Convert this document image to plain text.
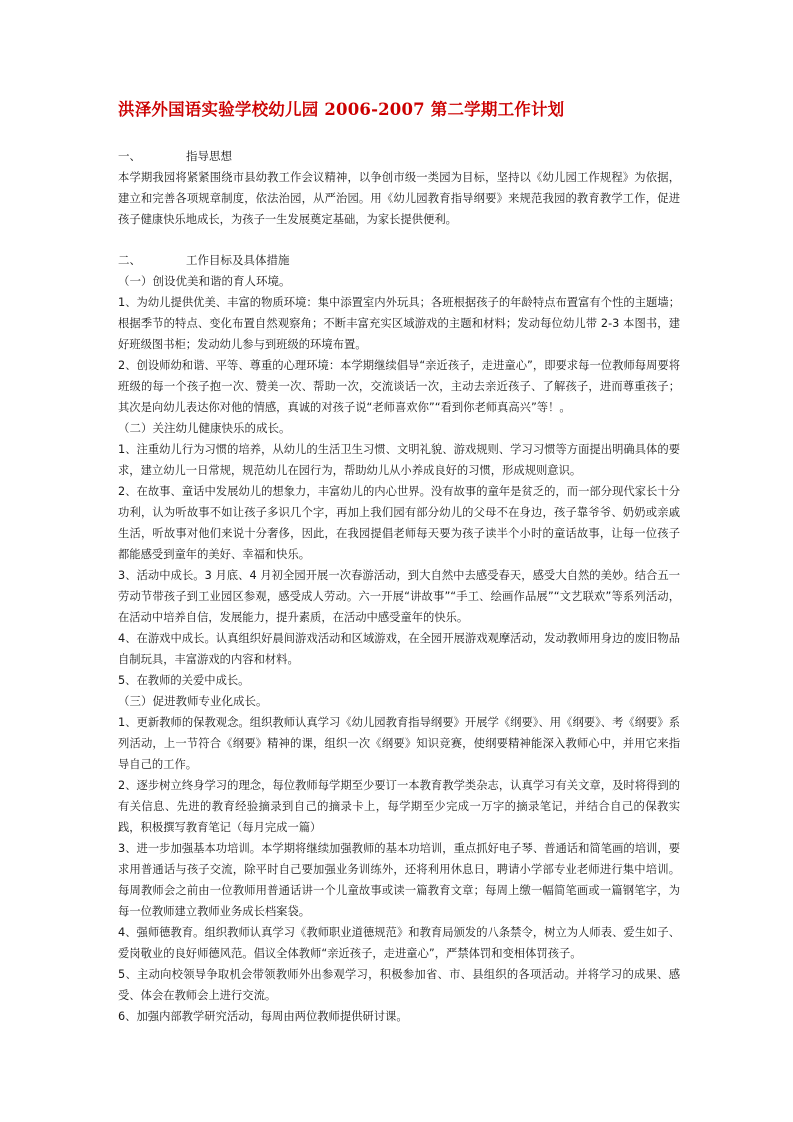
洪泽外国语实验学校幼儿园 2006-2007 第二学期工作计划
一、	指导思想

本学期我园将紧紧围绕市县幼教工作会议精神，以争创市级一类园为目标，坚持以《幼儿园工作规程》为依据，建立和完善各项规章制度，依法治园，从严治园。用《幼儿园教育指导纲要》来规范我园的教育教学工作，促进孩子健康快乐地成长，为孩子一生发展奠定基础，为家长提供便利。

二、	工作目标及具体措施
（一）创设优美和谐的育人环境。

1、为幼儿提供优美、丰富的物质环境：集中添置室内外玩具；各班根据孩子的年龄特点布置富有个性的主题墙；根据季节的特点、变化布置自然观察角；不断丰富充实区域游戏的主题和材料；发动每位幼儿带 2-3 本图书，建好班级图书柜；发动幼儿参与到班级的环境布置。

2、创设师幼和谐、平等、尊重的心理环境：本学期继续倡导“亲近孩子，走进童心”，即要求每一位教师每周要将班级的每一个孩子抱一次、赞美一次、帮助一次，交流谈话一次，主动去亲近孩子、了解孩子，进而尊重孩子；其次是向幼儿表达你对他的情感，真诚的对孩子说“老师喜欢你”“看到你老师真高兴”等！。

（二）关注幼儿健康快乐的成长。

1、注重幼儿行为习惯的培养，从幼儿的生活卫生习惯、文明礼貌、游戏规则、学习习惯等方面提出明确具体的要求，建立幼儿一日常规，规范幼儿在园行为，帮助幼儿从小养成良好的习惯，形成规则意识。

2、在故事、童话中发展幼儿的想象力，丰富幼儿的内心世界。没有故事的童年是贫乏的，而一部分现代家长十分功利，认为听故事不如让孩子多识几个字，再加上我们园有部分幼儿的父母不在身边，孩子靠爷爷、奶奶或亲戚生活，听故事对他们来说十分奢侈，因此，在我园提倡老师每天要为孩子读半个小时的童话故事，让每一位孩子都能感受到童年的美好、幸福和快乐。

3、活动中成长。3 月底、4 月初全园开展一次春游活动，到大自然中去感受春天，感受大自然的美妙。结合五一劳动节带孩子到工业园区参观，感受成人劳动。六一开展“讲故事”“手工、绘画作品展”“文艺联欢”等系列活动，在活动中培养自信，发展能力，提升素质，在活动中感受童年的快乐。

4、在游戏中成长。认真组织好晨间游戏活动和区域游戏，在全园开展游戏观摩活动，发动教师用身边的废旧物品自制玩具，丰富游戏的内容和材料。

5、在教师的关爱中成长。

（三）促进教师专业化成长。

1、更新教师的保教观念。组织教师认真学习《幼儿园教育指导纲要》开展学《纲要》、用《纲要》、考《纲要》系列活动，上一节符合《纲要》精神的课，组织一次《纲要》知识竞赛，使纲要精神能深入教师心中，并用它来指导自己的工作。

2、逐步树立终身学习的理念，每位教师每学期至少要订一本教育教学类杂志，认真学习有关文章，及时将得到的有关信息、先进的教育经验摘录到自己的摘录卡上，每学期至少完成一万字的摘录笔记，并结合自己的保教实践，积极撰写教育笔记（每月完成一篇）

3、进一步加强基本功培训。本学期将继续加强教师的基本功培训，重点抓好电子琴、普通话和简笔画的培训，要求用普通话与孩子交流，除平时自己要加强业务训练外，还将利用休息日，聘请小学部专业老师进行集中培训。每周教师会之前由一位教师用普通话讲一个儿童故事或读一篇教育文章；每周上缴一幅简笔画或一篇钢笔字，为每一位教师建立教师业务成长档案袋。

4、强师德教育。组织教师认真学习《教师职业道德规范》和教育局颁发的八条禁令，树立为人师表、爱生如子、爱岗敬业的良好师德风范。倡议全体教师“亲近孩子，走进童心”，严禁体罚和变相体罚孩子。

5、主动向校领导争取机会带领教师外出参观学习，积极参加省、市、县组织的各项活动。并将学习的成果、感受、体会在教师会上进行交流。

6、加强内部教学研究活动，每周由两位教师提供研讨课。
